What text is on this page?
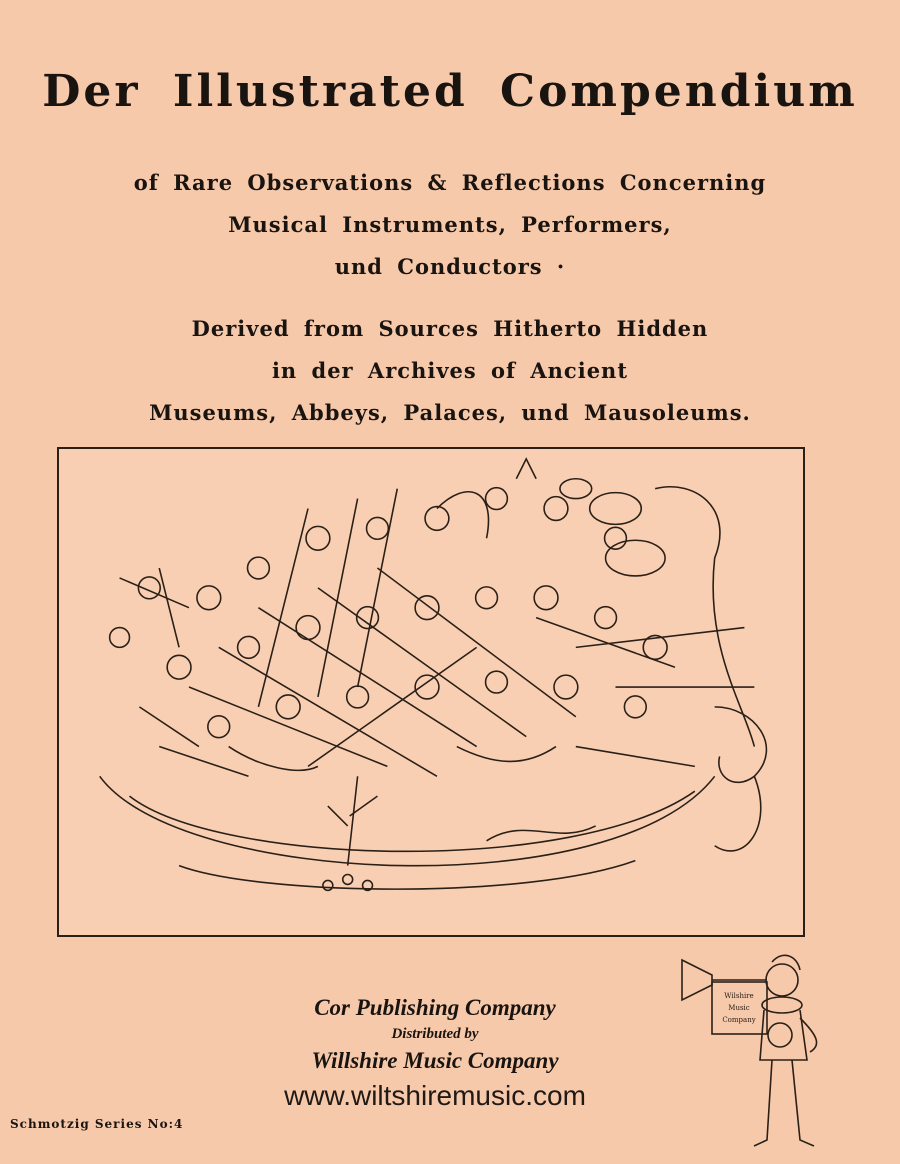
Der Illustrated Compendium
of Rare Observations & Reflections Concerning
Musical Instruments, Performers,
und Conductors ·
Derived from Sources Hitherto Hidden
in der Archives of Ancient
Museums, Abbeys, Palaces, und Mausoleums.
Cor Publishing Company
Distributed by
Willshire Music Company
www.wiltshiremusic.com
Schmotzig Series No:4
Wilshire
Music
Company
